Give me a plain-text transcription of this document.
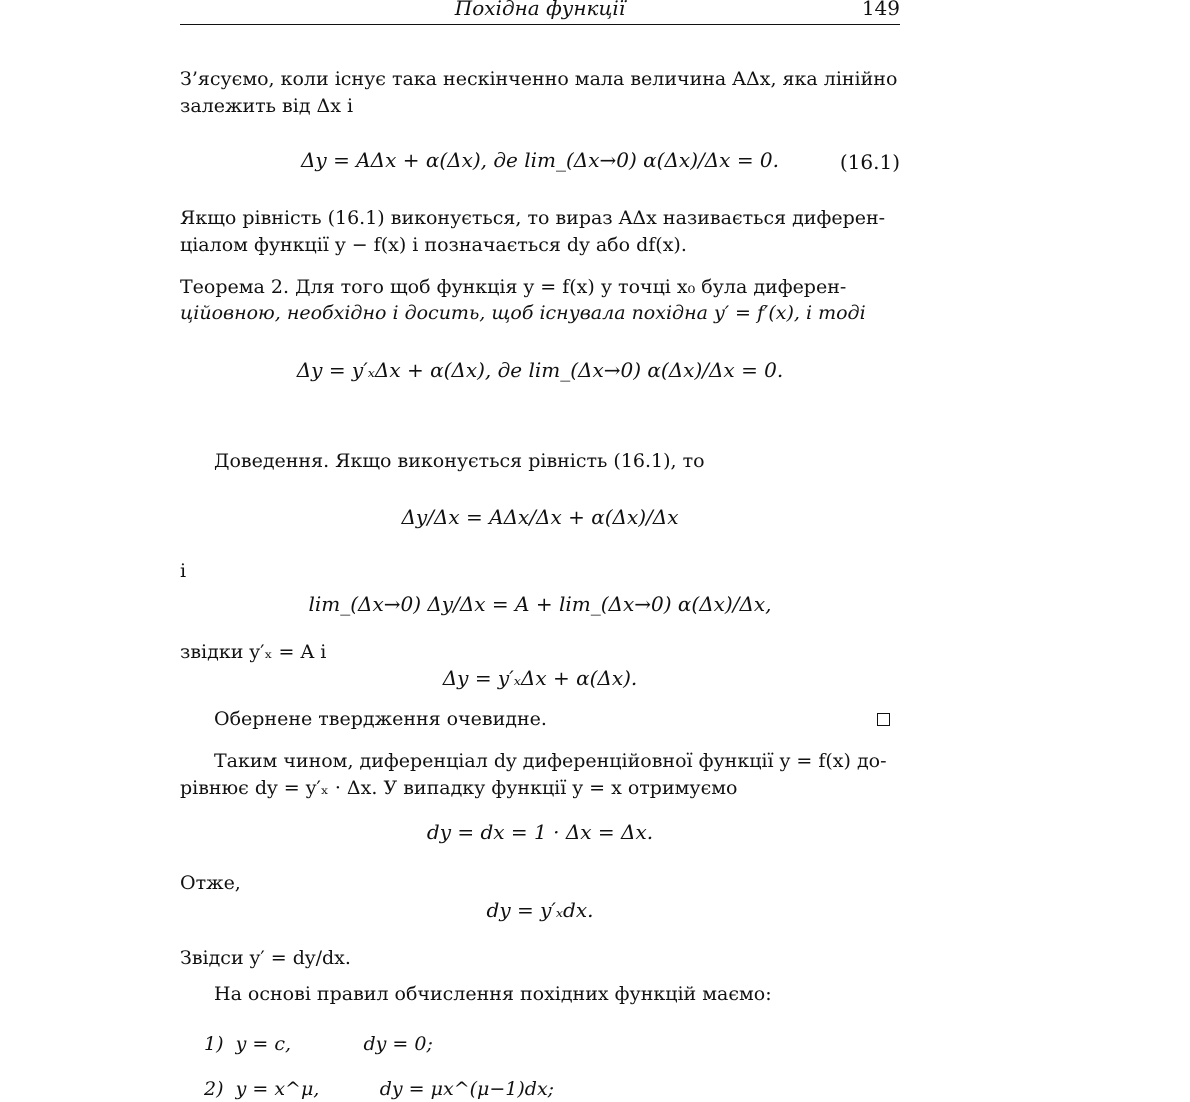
Похідна функції	149
З’ясуємо, коли існує така нескінченно мала величина AΔx, яка лінійно
залежить від Δx і
Δy = AΔx + α(Δx), де lim_(Δx→0) α(Δx)/Δx = 0.	(16.1)
Якщо рівність (16.1) виконується, то вираз AΔx називається диферен-
ціалом функції y − f(x) і позначається dy або df(x).
Теорема 2. Для того щоб функція y = f(x) у точці x₀ була диферен-
ційовною, необхідно і досить, щоб існувала похідна y′ = f′(x), і тоді
Δy = y′ₓΔx + α(Δx), де lim_(Δx→0) α(Δx)/Δx = 0.
Доведення. Якщо виконується рівність (16.1), то
Δy/Δx = AΔx/Δx + α(Δx)/Δx
і
lim_(Δx→0) Δy/Δx = A + lim_(Δx→0) α(Δx)/Δx,
звідки y′ₓ = A і
Δy = y′ₓΔx + α(Δx).
Обернене твердження очевидне.
Таким чином, диференціал dy диференційовної функції y = f(x) до-
рівнює dy = y′ₓ · Δx. У випадку функції y = x отримуємо
dy = dx = 1 · Δx = Δx.
Отже,
dy = y′ₓdx.
Звідси y′ = dy/dx.
На основі правил обчислення похідних функцій маємо:
1)  y = c,            dy = 0;
2)  y = x^μ,          dy = μx^(μ−1)dx;
